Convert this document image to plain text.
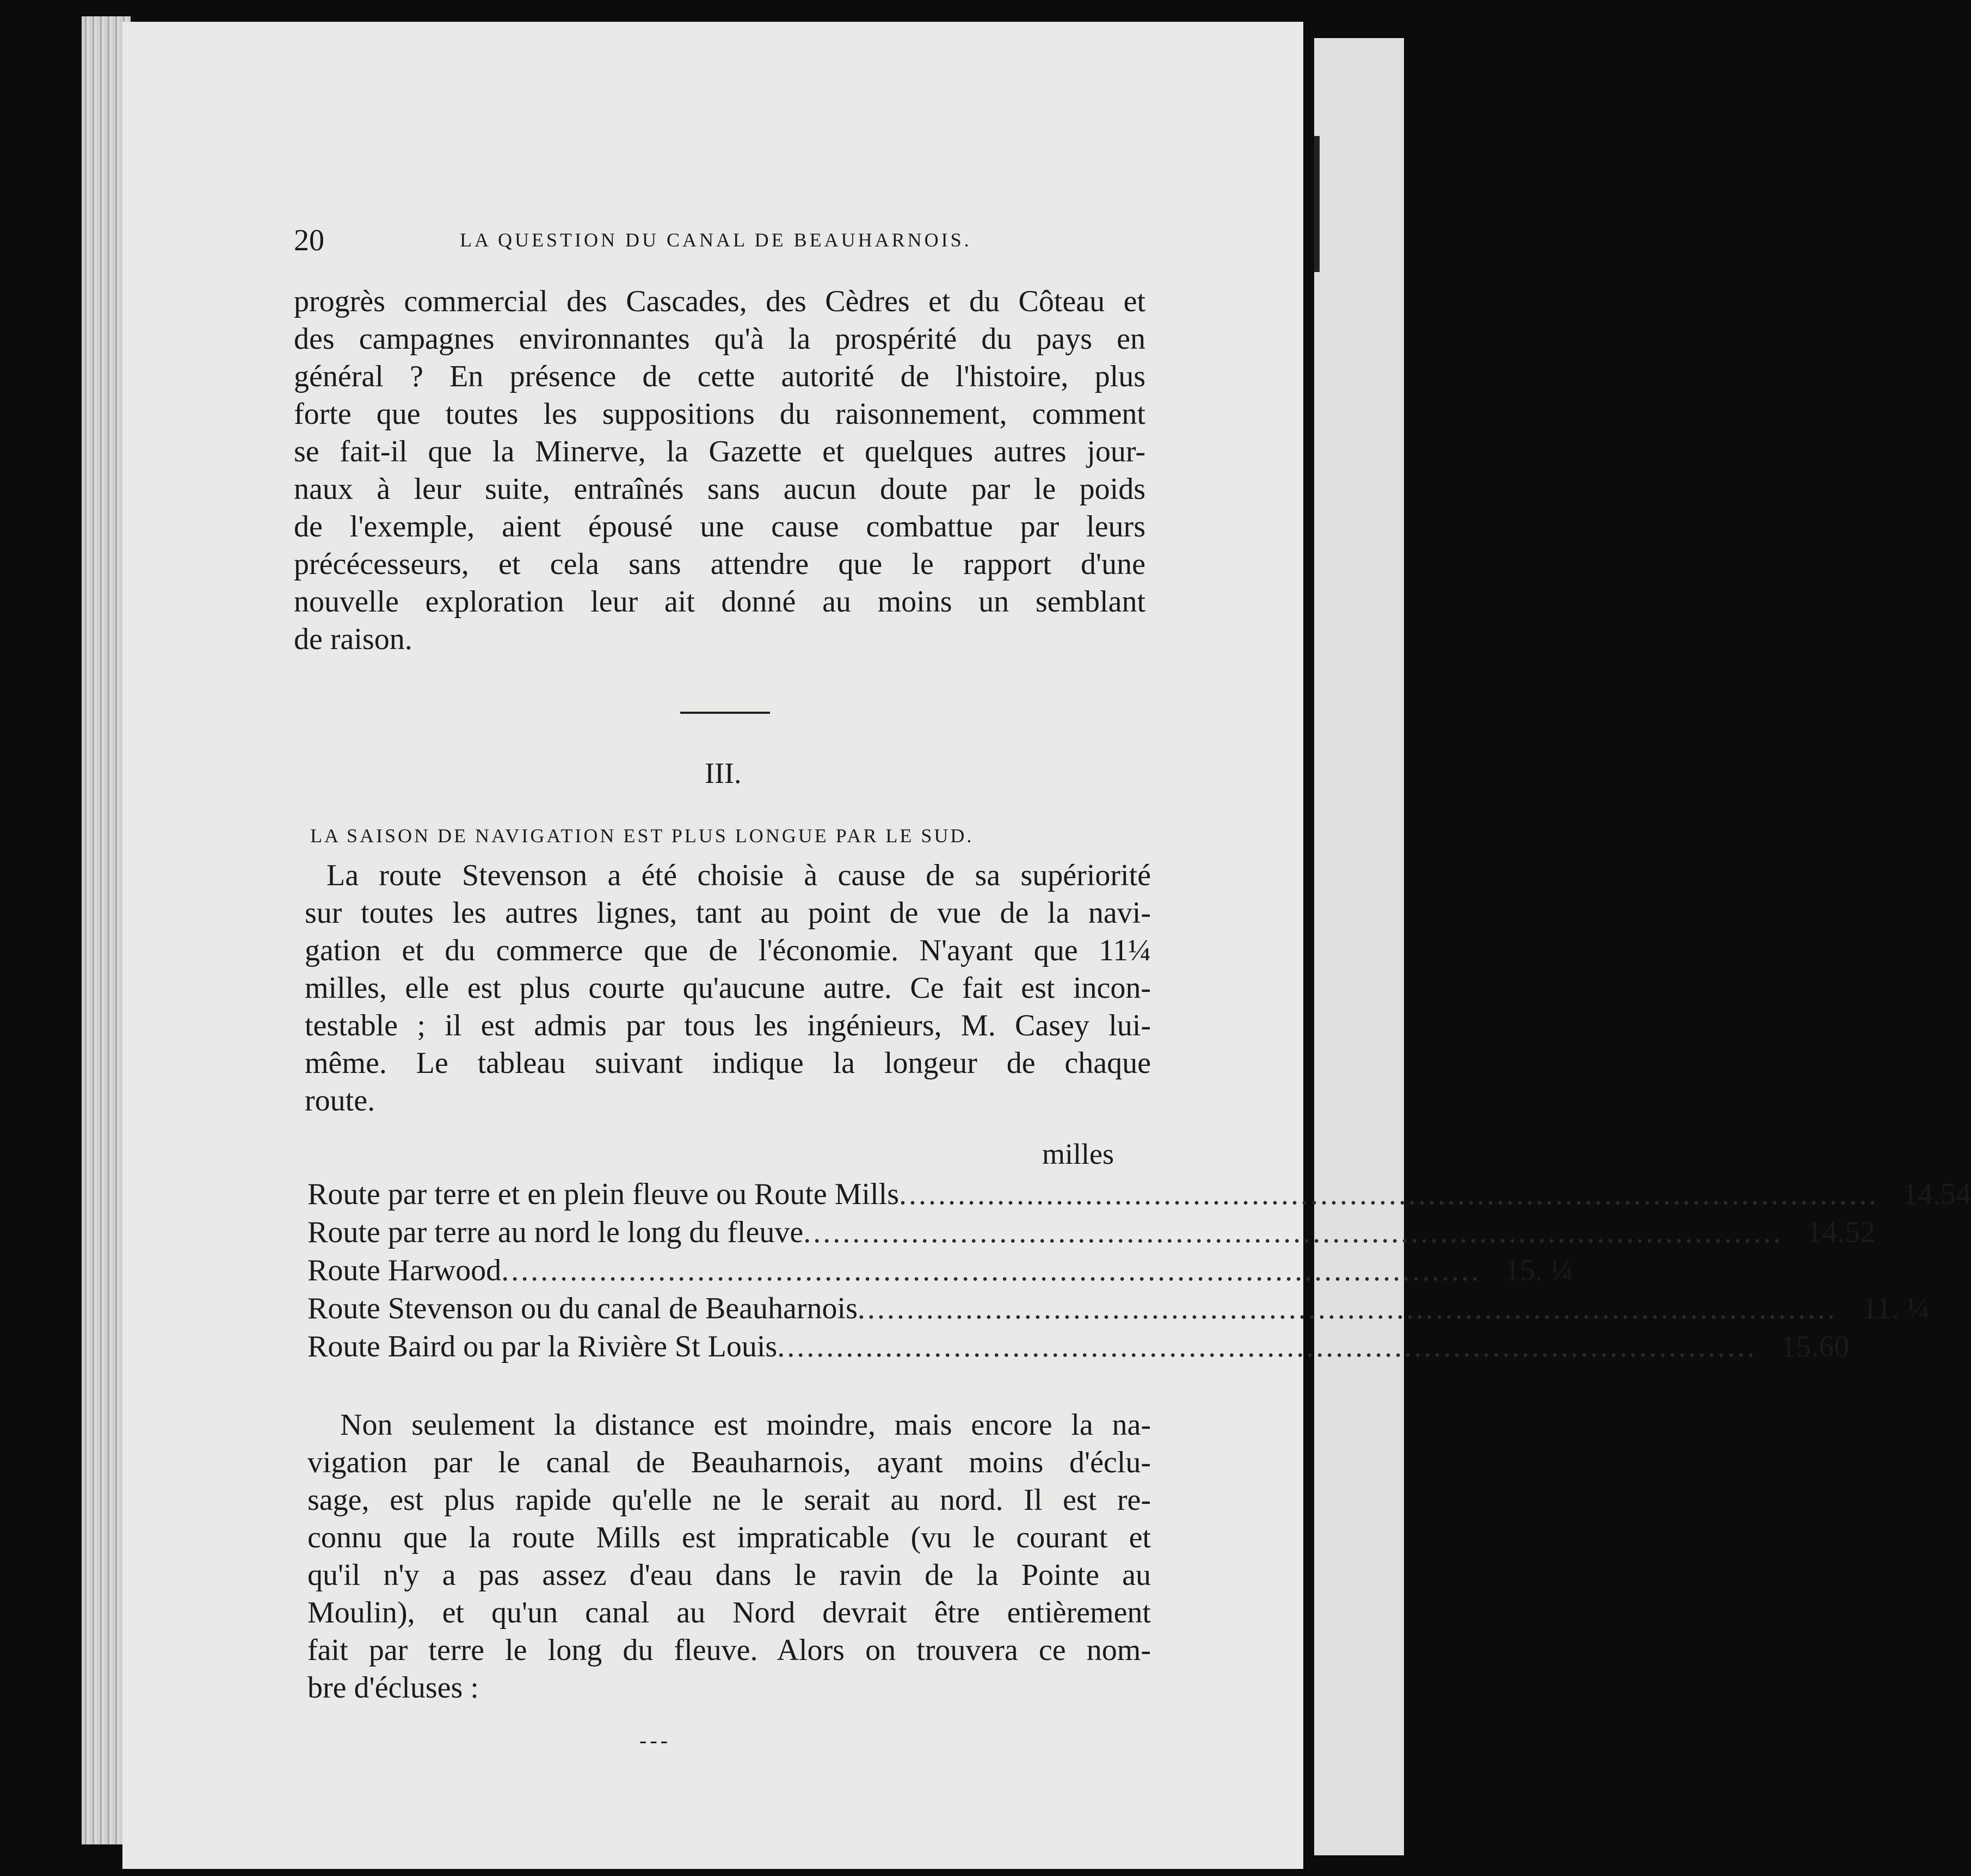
20	LA QUESTION DU CANAL DE BEAUHARNOIS.
progrès commercial des Cascades, des Cèdres et du Côteau et
des campagnes environnantes qu'à la prospérité du pays en
général ? En présence de cette autorité de l'histoire, plus
forte que toutes les suppositions du raisonnement, comment
se fait-il que la Minerve, la Gazette et quelques autres jour-
naux à leur suite, entraînés sans aucun doute par le poids
de l'exemple, aient épousé une cause combattue par leurs
précécesseurs, et cela sans attendre que le rapport d'une
nouvelle exploration leur ait donné au moins un semblant
de raison.
III.
LA SAISON DE NAVIGATION EST PLUS LONGUE PAR LE SUD.
La route Stevenson a été choisie à cause de sa supériorité
sur toutes les autres lignes, tant au point de vue de la navi-
gation et du commerce que de l'économie. N'ayant que 11¼
milles, elle est plus courte qu'aucune autre. Ce fait est incon-
testable ; il est admis par tous les ingénieurs, M. Casey lui-
même. Le tableau suivant indique la longeur de chaque
route.
milles
Route par terre et en plein fleuve ou Route Mills .................................................................................................... 14.54
Route par terre au nord le long du fleuve .................................................................................................... 14.52
Route Harwood .................................................................................................... 15. ¼
Route Stevenson ou du canal de Beauharnois .................................................................................................... 11. ¼
Route Baird ou par la Rivière St Louis .................................................................................................... 15.60
Non seulement la distance est moindre, mais encore la na-
vigation par le canal de Beauharnois, ayant moins d'éclu-
sage, est plus rapide qu'elle ne le serait au nord. Il est re-
connu que la route Mills est impraticable (vu le courant et
qu'il n'y a pas assez d'eau dans le ravin de la Pointe au
Moulin), et qu'un canal au Nord devrait être entièrement
fait par terre le long du fleuve. Alors on trouvera ce nom-
bre d'écluses :
---
